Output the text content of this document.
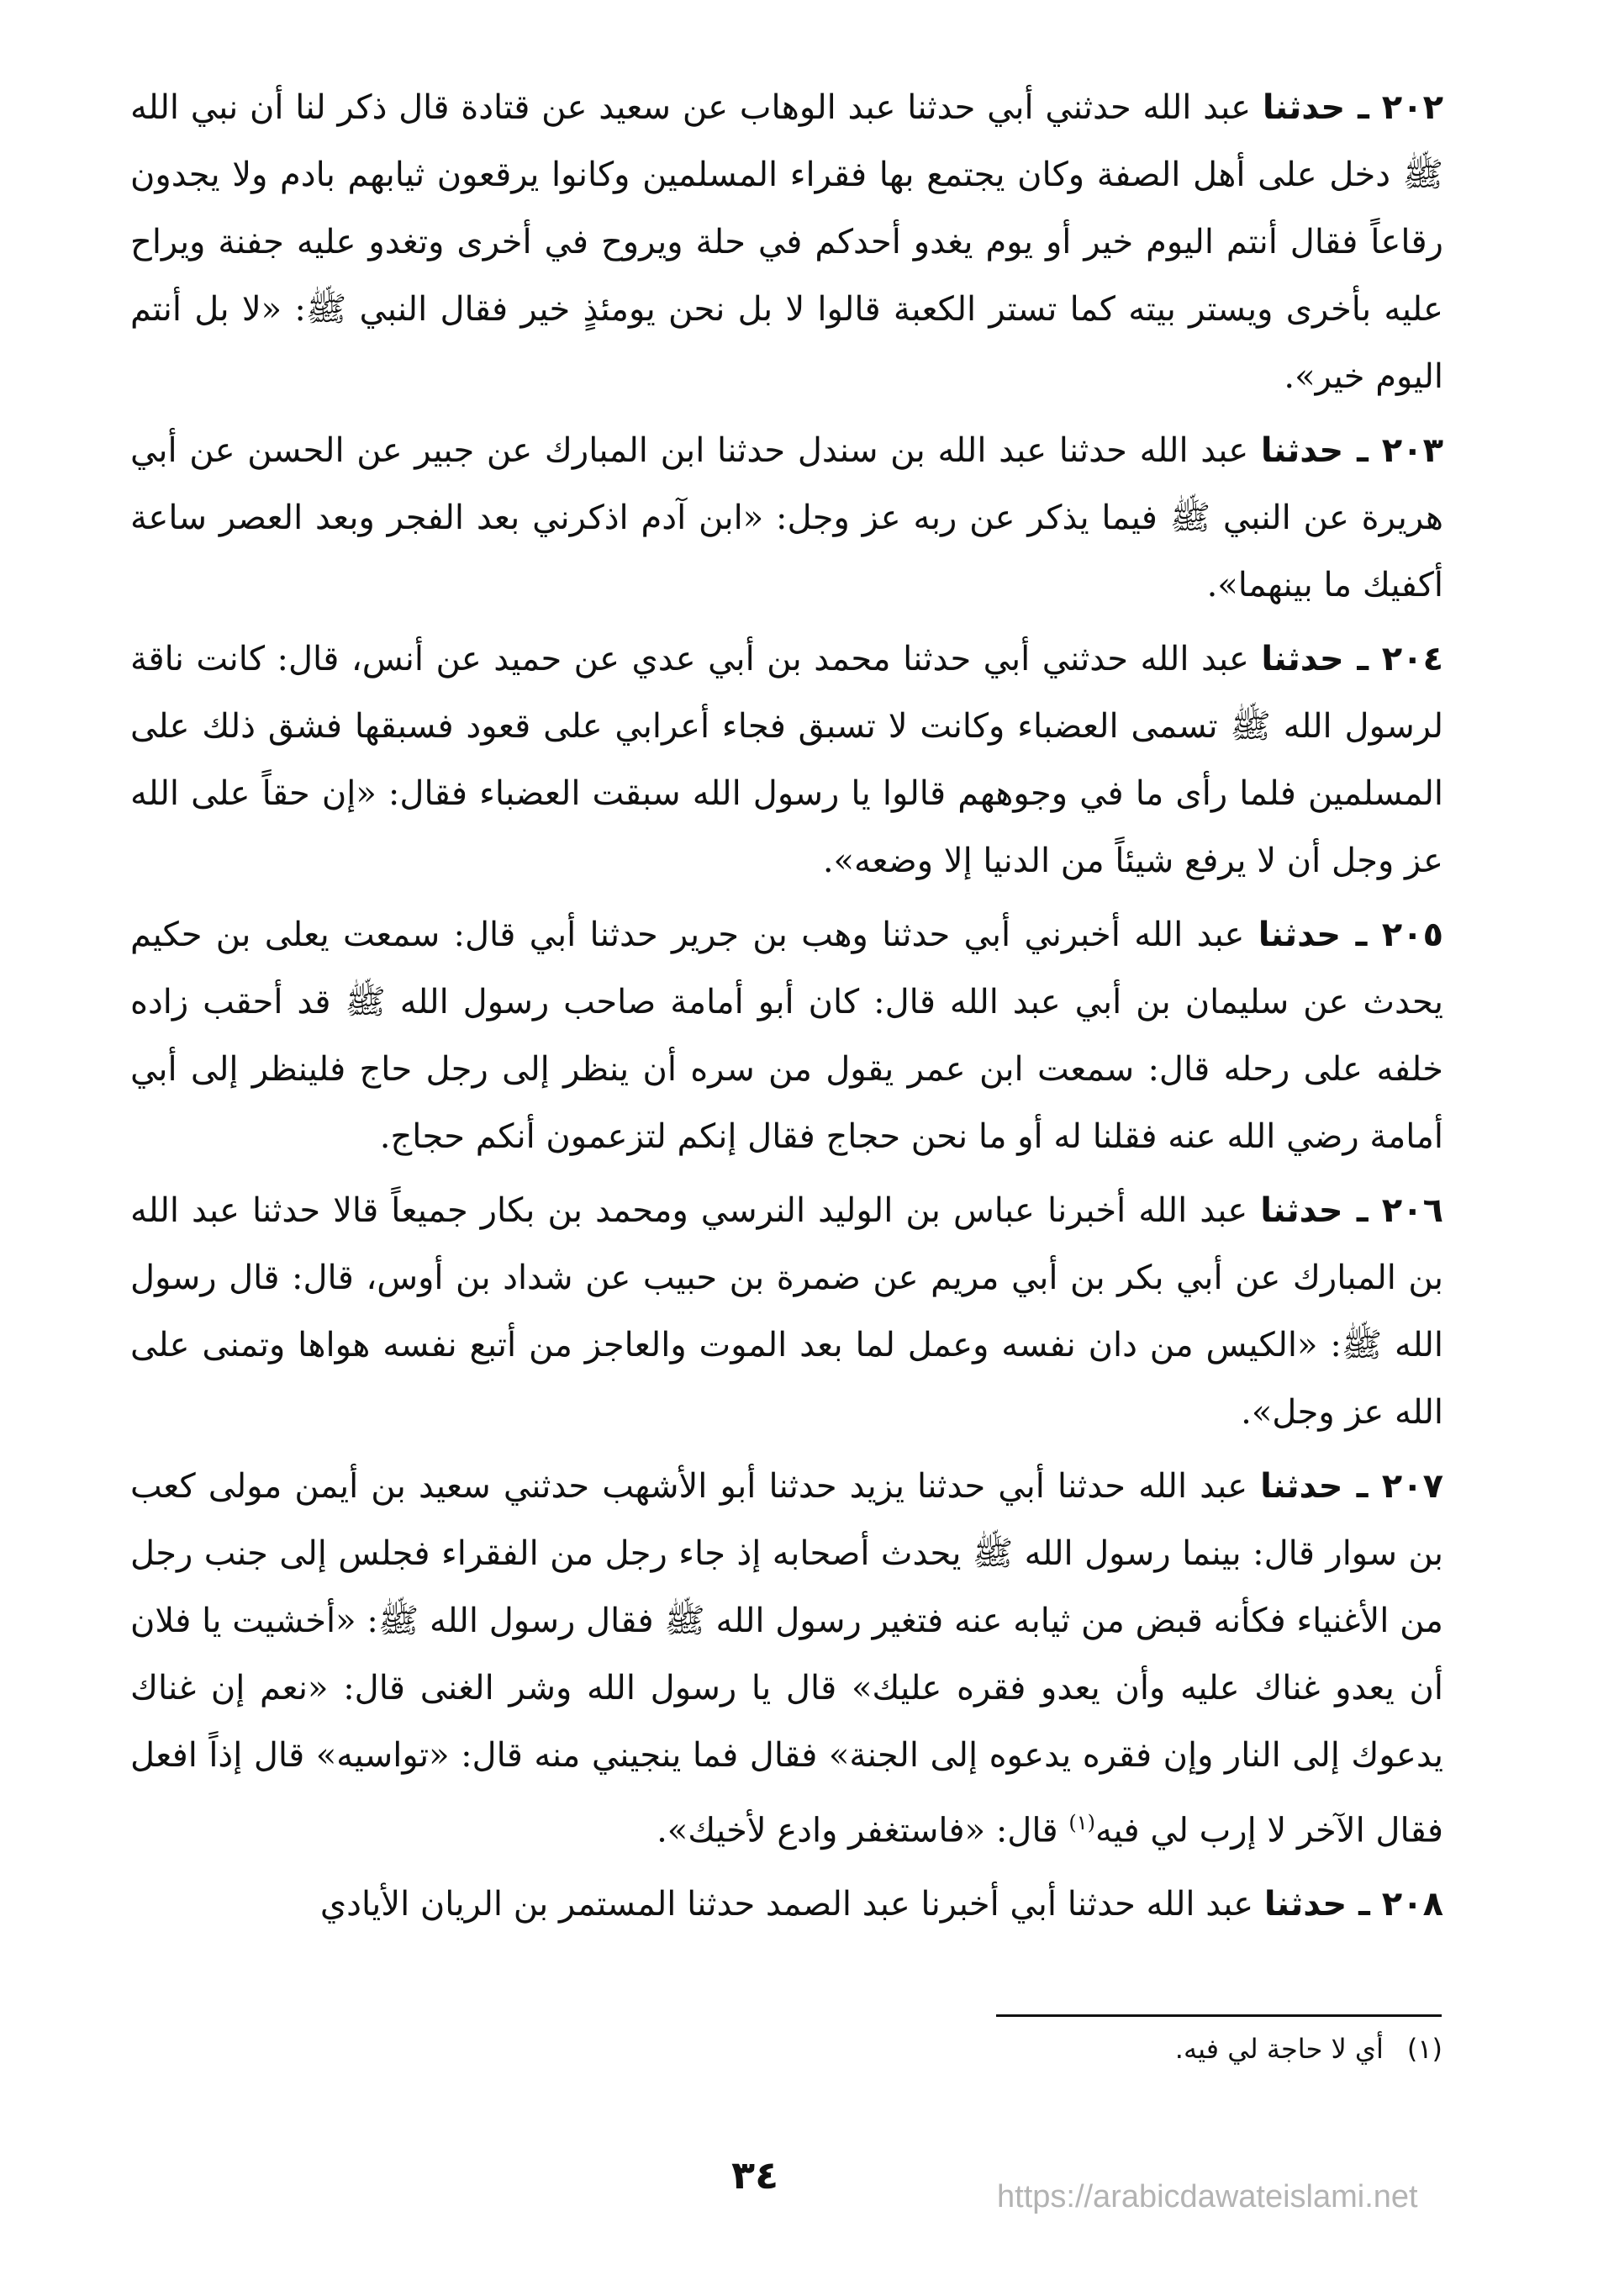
٢٠٢ ـ حدثنا عبد الله حدثني أبي حدثنا عبد الوهاب عن سعيد عن قتادة قال ذكر لنا أن نبي الله ﷺ دخل على أهل الصفة وكان يجتمع بها فقراء المسلمين وكانوا يرقعون ثيابهم بادم ولا يجدون رقاعاً فقال أنتم اليوم خير أو يوم يغدو أحدكم في حلة ويروح في أخرى وتغدو عليه جفنة ويراح عليه بأخرى ويستر بيته كما تستر الكعبة قالوا لا بل نحن يومئذٍ خير فقال النبي ﷺ: «لا بل أنتم اليوم خير».

٢٠٣ ـ حدثنا عبد الله حدثنا عبد الله بن سندل حدثنا ابن المبارك عن جبير عن الحسن عن أبي هريرة عن النبي ﷺ فيما يذكر عن ربه عز وجل: «ابن آدم اذكرني بعد الفجر وبعد العصر ساعة أكفيك ما بينهما».

٢٠٤ ـ حدثنا عبد الله حدثني أبي حدثنا محمد بن أبي عدي عن حميد عن أنس، قال: كانت ناقة لرسول الله ﷺ تسمى العضباء وكانت لا تسبق فجاء أعرابي على قعود فسبقها فشق ذلك على المسلمين فلما رأى ما في وجوههم قالوا يا رسول الله سبقت العضباء فقال: «إن حقاً على الله عز وجل أن لا يرفع شيئاً من الدنيا إلا وضعه».

٢٠٥ ـ حدثنا عبد الله أخبرني أبي حدثنا وهب بن جرير حدثنا أبي قال: سمعت يعلى بن حكيم يحدث عن سليمان بن أبي عبد الله قال: كان أبو أمامة صاحب رسول الله ﷺ قد أحقب زاده خلفه على رحله قال: سمعت ابن عمر يقول من سره أن ينظر إلى رجل حاج فلينظر إلى أبي أمامة رضي الله عنه فقلنا له أو ما نحن حجاج فقال إنكم لتزعمون أنكم حجاج.

٢٠٦ ـ حدثنا عبد الله أخبرنا عباس بن الوليد النرسي ومحمد بن بكار جميعاً قالا حدثنا عبد الله بن المبارك عن أبي بكر بن أبي مريم عن ضمرة بن حبيب عن شداد بن أوس، قال: قال رسول الله ﷺ: «الكيس من دان نفسه وعمل لما بعد الموت والعاجز من أتبع نفسه هواها وتمنى على الله عز وجل».

٢٠٧ ـ حدثنا عبد الله حدثنا أبي حدثنا يزيد حدثنا أبو الأشهب حدثني سعيد بن أيمن مولى كعب بن سوار قال: بينما رسول الله ﷺ يحدث أصحابه إذ جاء رجل من الفقراء فجلس إلى جنب رجل من الأغنياء فكأنه قبض من ثيابه عنه فتغير رسول الله ﷺ فقال رسول الله ﷺ: «أخشيت يا فلان أن يعدو غناك عليه وأن يعدو فقره عليك» قال يا رسول الله وشر الغنى قال: «نعم إن غناك يدعوك إلى النار وإن فقره يدعوه إلى الجنة» فقال فما ينجيني منه قال: «تواسيه» قال إذاً افعل فقال الآخر لا إرب لي فيه$^{(١)}$ قال: «فاستغفر وادع لأخيك».

٢٠٨ ـ حدثنا عبد الله حدثنا أبي أخبرنا عبد الصمد حدثنا المستمر بن الريان الأيادي

(١)أي لا حاجة لي فيه.
٣٤	https://arabicdawateislami.net
